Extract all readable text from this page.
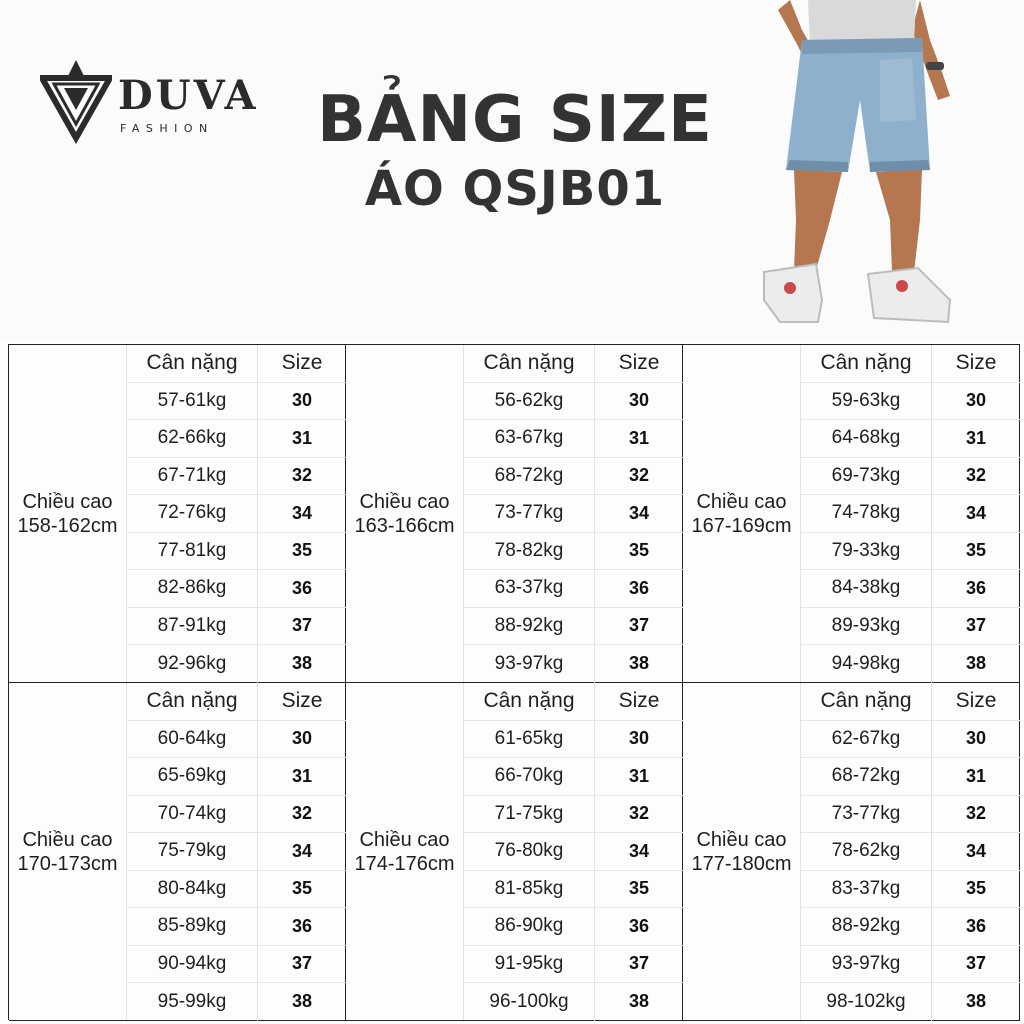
DUVA
FASHION BẢNG SIZE
ÁO QSJB01
Chiều cao
158-162cm
Cân nặng	Size
57-61kg	30
62-66kg	31
67-71kg	32
72-76kg	34
77-81kg	35
82-86kg	36
87-91kg	37
92-96kg	38
Chiều cao
163-166cm
Cân nặng	Size
56-62kg	30
63-67kg	31
68-72kg	32
73-77kg	34
78-82kg	35
63-37kg	36
88-92kg	37
93-97kg	38
Chiều cao
167-169cm
Cân nặng	Size
59-63kg	30
64-68kg	31
69-73kg	32
74-78kg	34
79-33kg	35
84-38kg	36
89-93kg	37
94-98kg	38
Chiều cao
170-173cm
Cân nặng	Size
60-64kg	30
65-69kg	31
70-74kg	32
75-79kg	34
80-84kg	35
85-89kg	36
90-94kg	37
95-99kg	38
Chiều cao
174-176cm
Cân nặng	Size
61-65kg	30
66-70kg	31
71-75kg	32
76-80kg	34
81-85kg	35
86-90kg	36
91-95kg	37
96-100kg	38
Chiều cao
177-180cm
Cân nặng	Size
62-67kg	30
68-72kg	31
73-77kg	32
78-62kg	34
83-37kg	35
88-92kg	36
93-97kg	37
98-102kg	38
